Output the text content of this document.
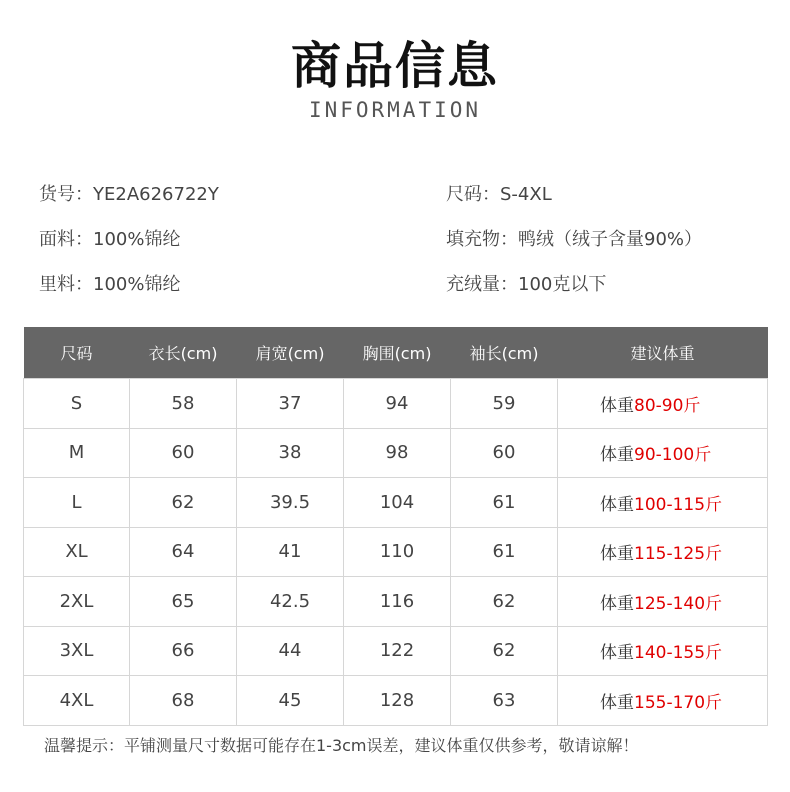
商品信息
INFORMATION
货号：YE2A626722Y	尺码：S-4XL
面料：100%锦纶	填充物：鸭绒（绒子含量90%）
里料：100%锦纶	充绒量：100克以下
尺码	衣长(cm)	肩宽(cm)	胸围(cm)	袖长(cm)	建议体重
S	58	37	94	59	体重80-90斤
M	60	38	98	60	体重90-100斤
L	62	39.5	104	61	体重100-115斤
XL	64	41	110	61	体重115-125斤
2XL	65	42.5	116	62	体重125-140斤
3XL	66	44	122	62	体重140-155斤
4XL	68	45	128	63	体重155-170斤
温馨提示：平铺测量尺寸数据可能存在1-3cm误差，建议体重仅供参考，敬请谅解！
